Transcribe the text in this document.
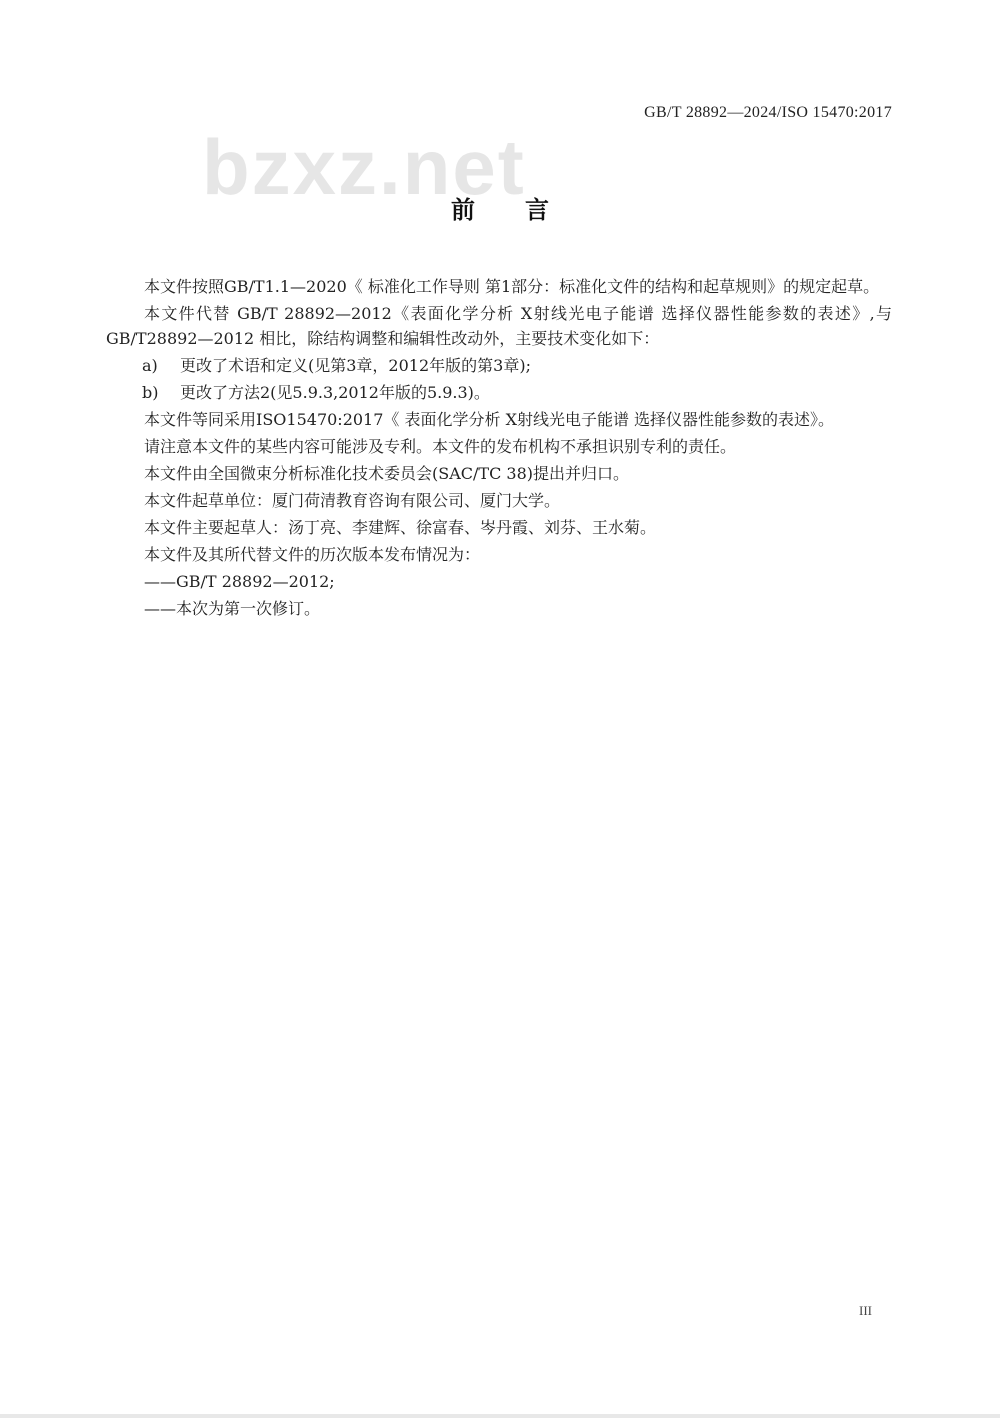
GB/T 28892—2024/ISO 15470:2017
bzxz.net
前言

本文件按照GB/T1.1—2020《 标准化工作导则 第1部分：标准化文件的结构和起草规则》的规定起草。

本文件代替 GB/T 28892—2012《表面化学分析 X射线光电子能谱 选择仪器性能参数的表述》,与GB/T28892—2012 相比，除结构调整和编辑性改动外，主要技术变化如下：

a)	更改了术语和定义(见第3章，2012年版的第3章);
b)	更改了方法2(见5.9.3,2012年版的5.9.3)。

本文件等同采用ISO15470:2017《 表面化学分析 X射线光电子能谱 选择仪器性能参数的表述》。

请注意本文件的某些内容可能涉及专利。本文件的发布机构不承担识别专利的责任。

本文件由全国微束分析标准化技术委员会(SAC/TC 38)提出并归口。

本文件起草单位：厦门荷清教育咨询有限公司、厦门大学。

本文件主要起草人：汤丁亮、李建辉、徐富春、岑丹霞、刘芬、王水菊。

本文件及其所代替文件的历次版本发布情况为：

——GB/T 28892—2012;

——本次为第一次修订。

III
